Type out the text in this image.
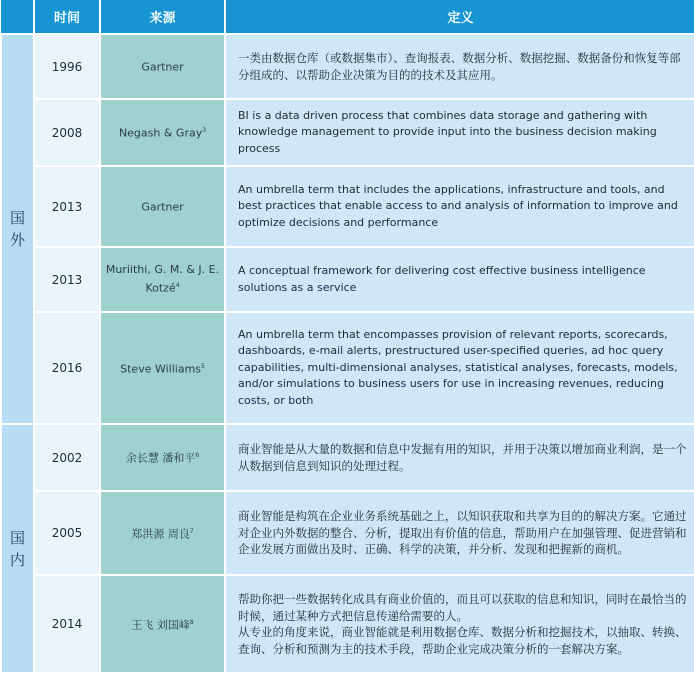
	时间	来源	定义

国
外	1996	Gartner	一类由数据仓库（或数据集市）、查询报表、数据分析、数据挖掘、数据备份和恢复等部分组成的、以帮助企业决策为目的的技术及其应用。
	2008	Negash & Gray$^3$	BI is a data driven process that combines data storage and gathering with knowledge management to provide input into the business decision making process
	2013	Gartner	An umbrella term that includes the applications, infrastructure and tools, and best practices that enable access to and analysis of information to improve and optimize decisions and performance
	2013	Muriithi, G. M. & J. E. Kotzé$^4$	A conceptual framework for delivering cost effective business intelligence solutions as a service
	2016	Steve Williams$^5$	An umbrella term that encompasses provision of relevant reports, scorecards, dashboards, e-mail alerts, prestructured user-specified queries, ad hoc query capabilities, multi-dimensional analyses, statistical analyses, forecasts, models, and/or simulations to business users for use in increasing revenues, reducing costs, or both

国
内	2002	余长慧 潘和平$^6$	商业智能是从大量的数据和信息中发掘有用的知识，并用于决策以增加商业利润，是一个从数据到信息到知识的处理过程。
	2005	郑洪源 周良$^7$	商业智能是构筑在企业业务系统基础之上，以知识获取和共享为目的的解决方案。它通过对企业内外数据的整合、分析，提取出有价值的信息，帮助用户在加强管理、促进营销和企业发展方面做出及时、正确、科学的决策，并分析、发现和把握新的商机。
	2014	王飞 刘国峰$^8$	帮助你把一些数据转化成具有商业价值的，而且可以获取的信息和知识，同时在最恰当的时候，通过某种方式把信息传递给需要的人。
从专业的角度来说，商业智能就是利用数据仓库、数据分析和挖掘技术，以抽取、转换、查询、分析和预测为主的技术手段，帮助企业完成决策分析的一套解决方案。
